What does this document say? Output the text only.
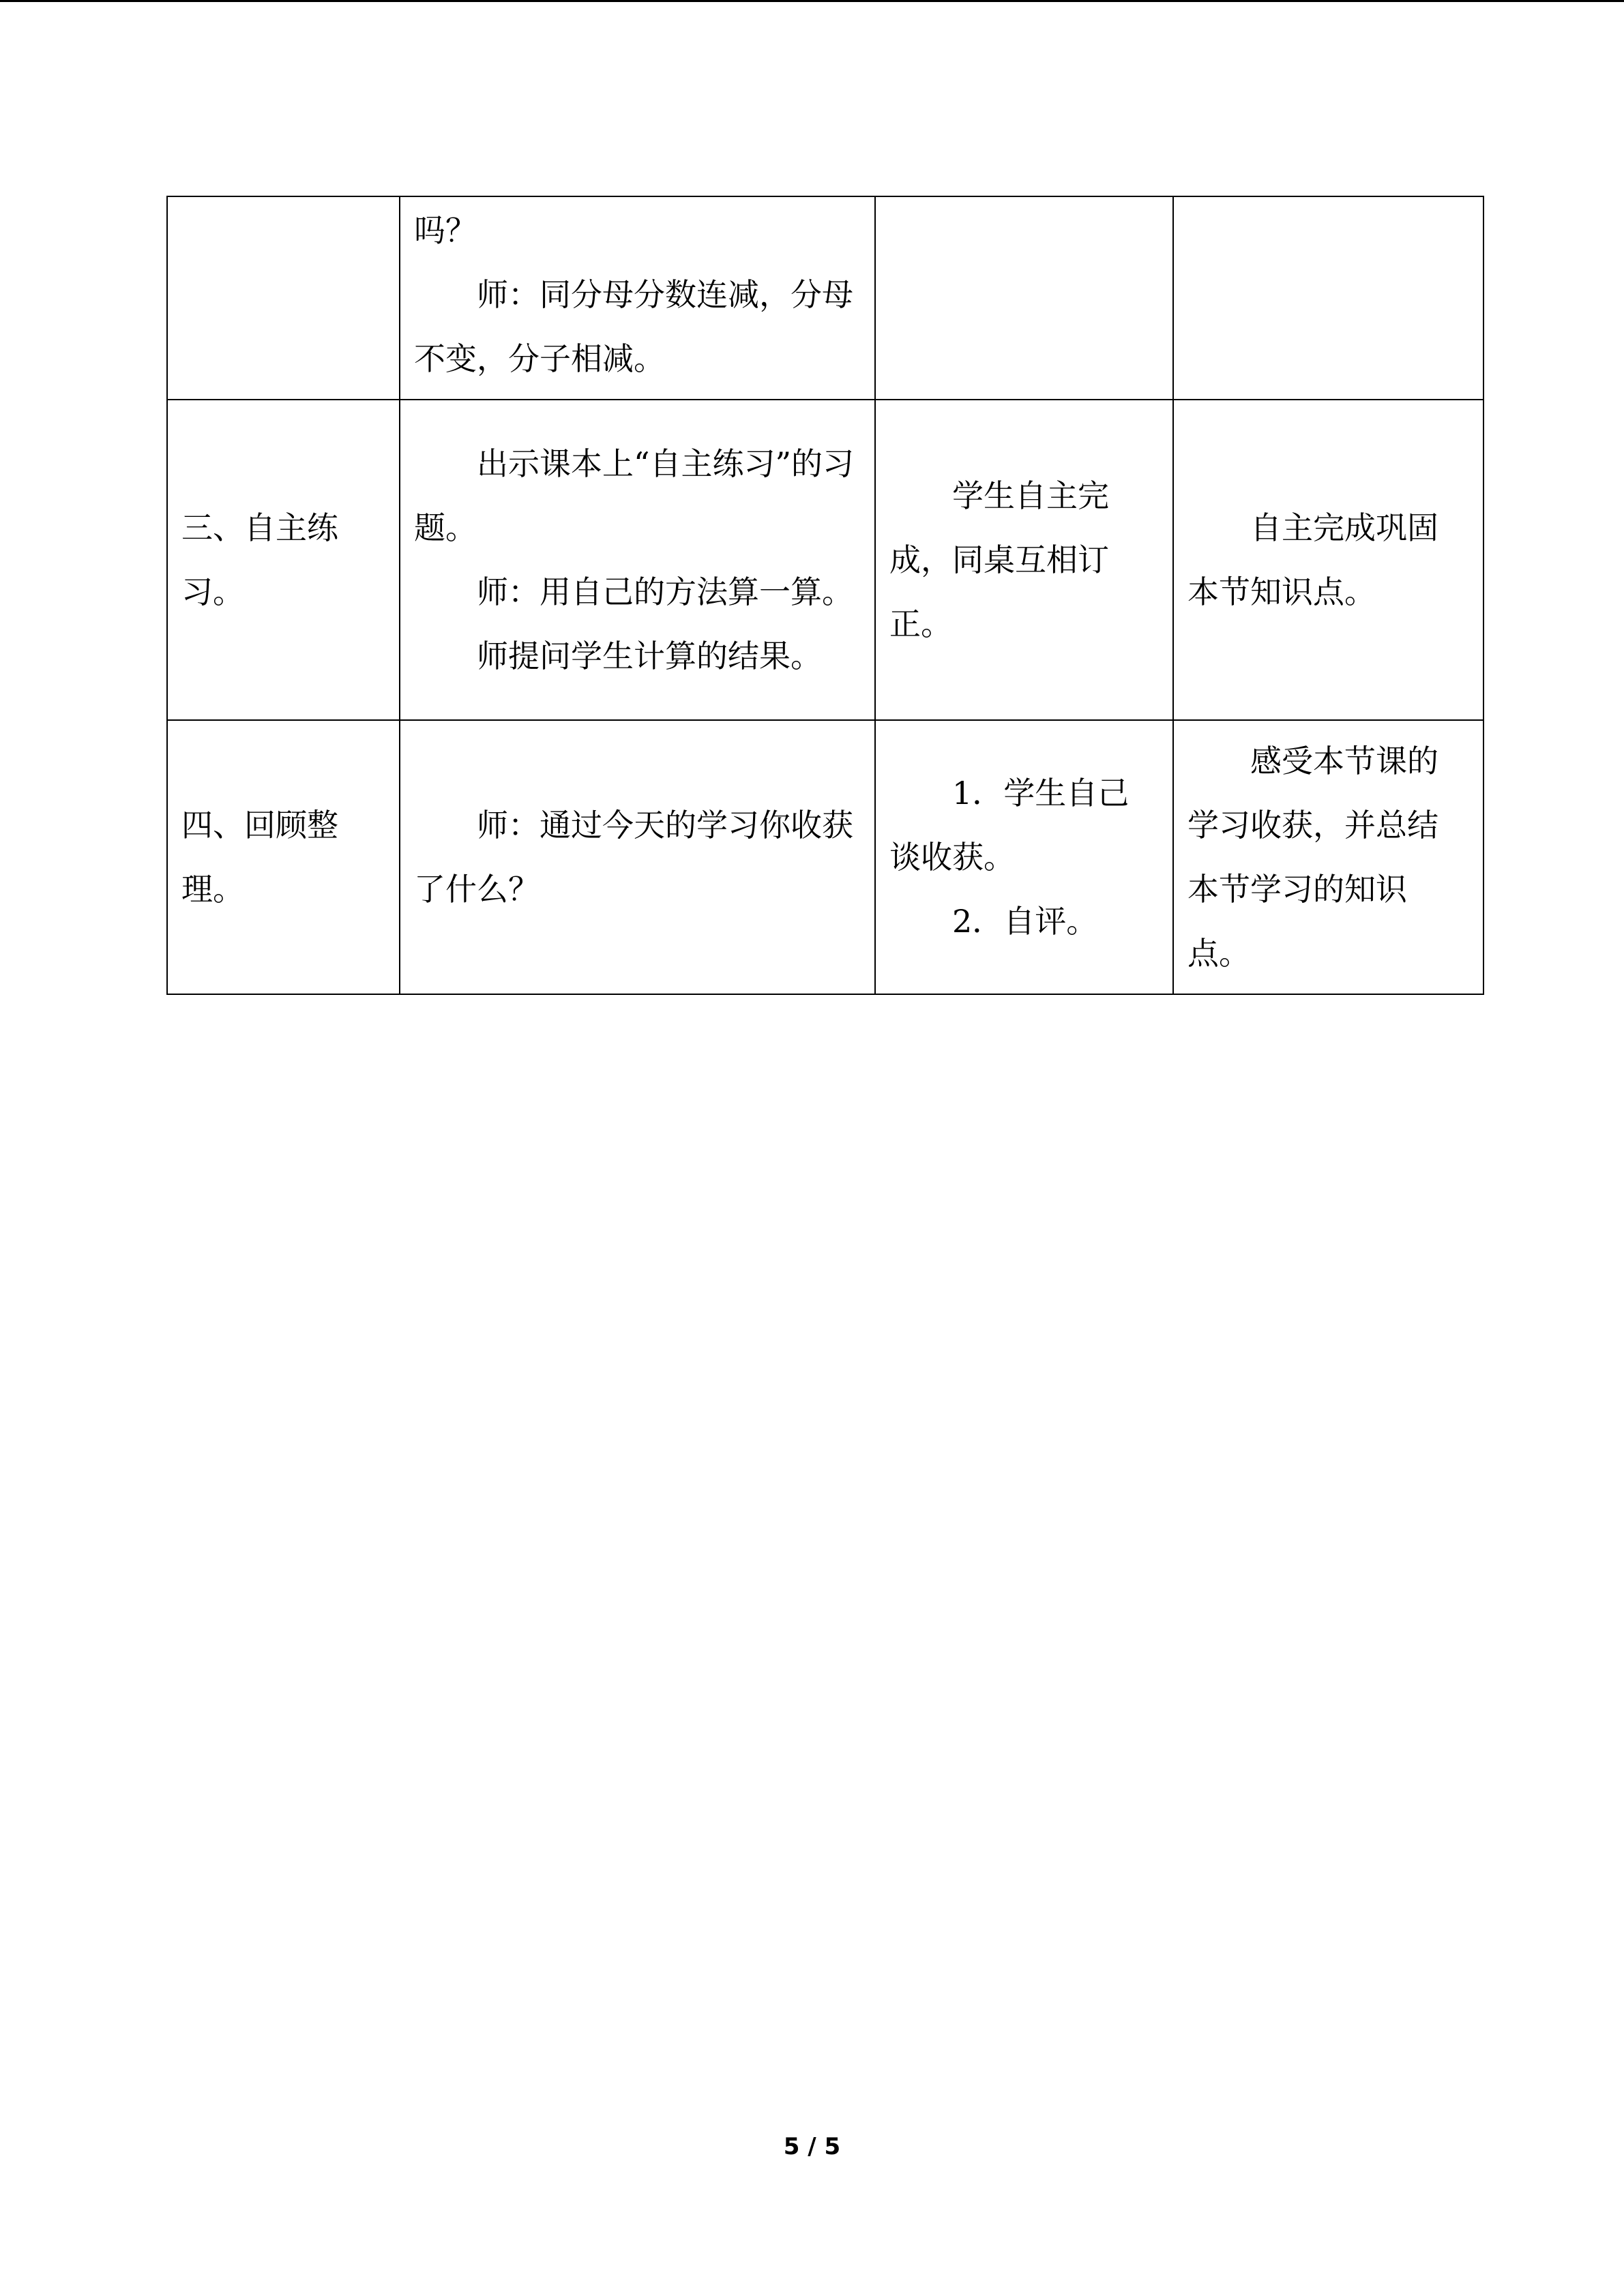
	吗？
师：同分母分数连减，分母不变，分子相减。		

三、自主练习。	出示课本上“自主练习”的习题。
师：用自己的方法算一算。
师提问学生计算的结果。	学生自主完成，同桌互相订正。	自主完成巩固本节知识点。

四、回顾整理。	师：通过今天的学习你收获了什么？	1．学生自己谈收获。
2．自评。	感受本节课的学习收获，并总结本节学习的知识点。
5 / 5
